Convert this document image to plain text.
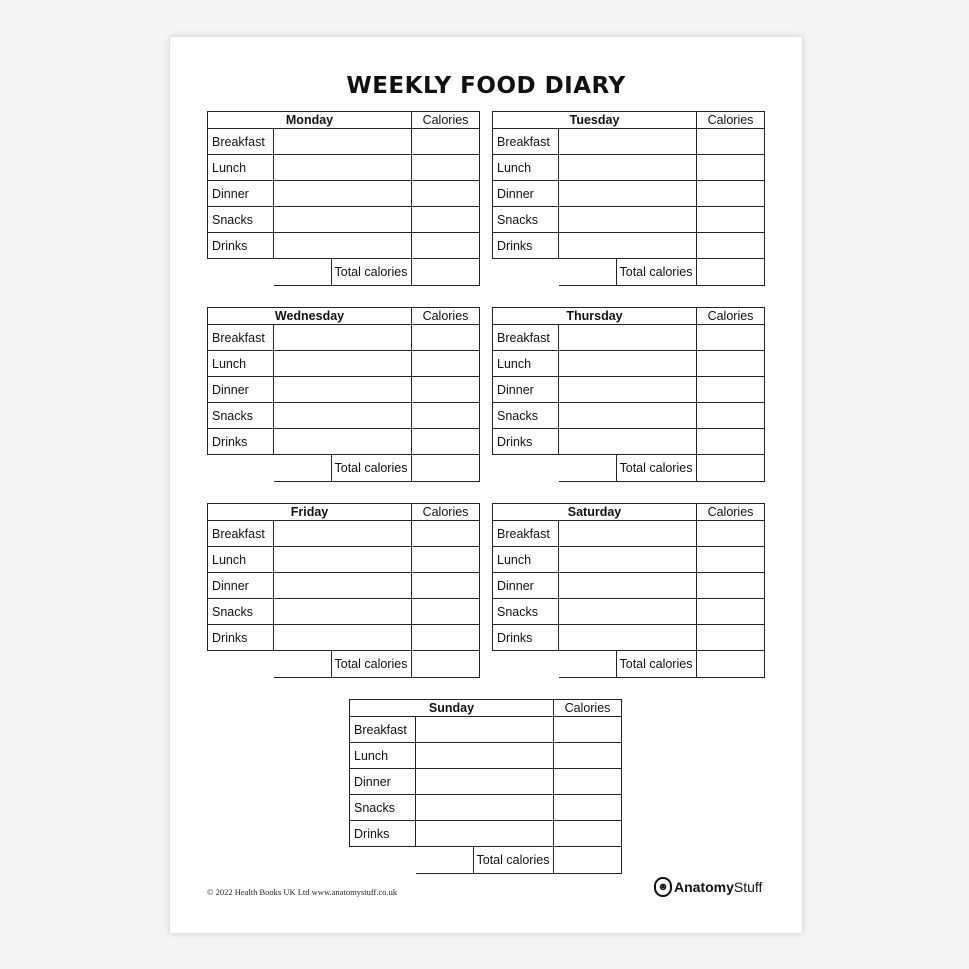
WEEKLY FOOD DIARY
Monday		Calories
Breakfast		
Lunch		
Dinner		
Snacks		
Drinks		

Total calories	

Tuesday		Calories
Breakfast		
Lunch		
Dinner		
Snacks		
Drinks		

Total calories	

Wednesday		Calories
Breakfast		
Lunch		
Dinner		
Snacks		
Drinks		

Total calories	

Thursday		Calories
Breakfast		
Lunch		
Dinner		
Snacks		
Drinks		

Total calories	

Friday		Calories
Breakfast		
Lunch		
Dinner		
Snacks		
Drinks		

Total calories	

Saturday		Calories
Breakfast		
Lunch		
Dinner		
Snacks		
Drinks		

Total calories	

Sunday		Calories
Breakfast		
Lunch		
Dinner		
Snacks		
Drinks		

Total calories	

© 2022 Health Books UK Ltd www.anatomystuff.co.uk	☻ Anatomy Stuff
